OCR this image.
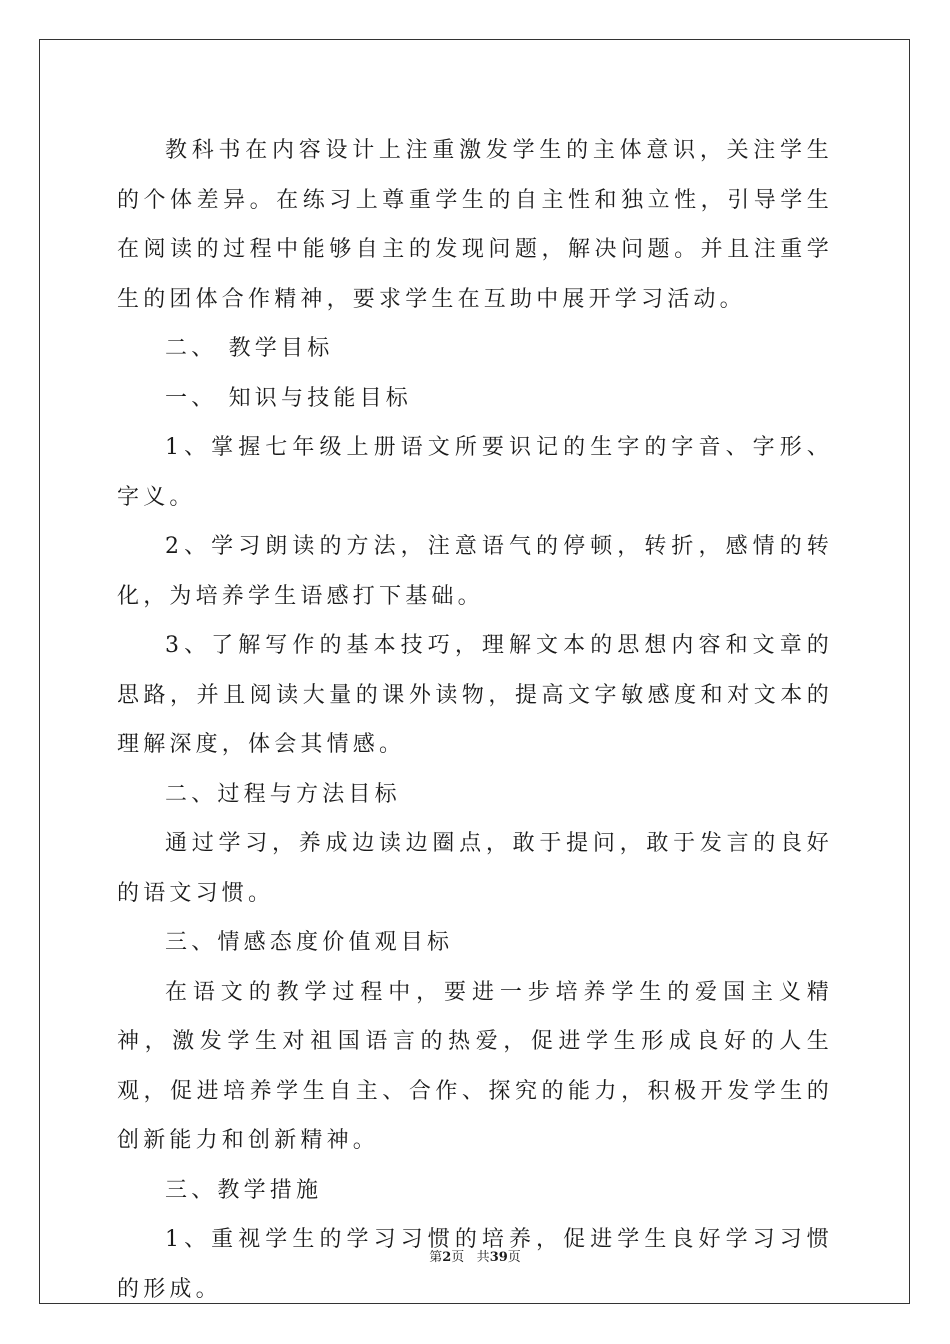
教科书在内容设计上注重激发学生的主体意识，关注学生的个体差异。在练习上尊重学生的自主性和独立性，引导学生在阅读的过程中能够自主的发现问题，解决问题。并且注重学生的团体合作精神，要求学生在互助中展开学习活动。

二、 教学目标

一、 知识与技能目标

1、掌握七年级上册语文所要识记的生字的字音、字形、字义。

2、学习朗读的方法，注意语气的停顿，转折，感情的转化，为培养学生语感打下基础。

3、了解写作的基本技巧，理解文本的思想内容和文章的思路，并且阅读大量的课外读物，提高文字敏感度和对文本的理解深度，体会其情感。

二、过程与方法目标

通过学习，养成边读边圈点，敢于提问，敢于发言的良好的语文习惯。

三、情感态度价值观目标

在语文的教学过程中，要进一步培养学生的爱国主义精神，激发学生对祖国语言的热爱，促进学生形成良好的人生观，促进培养学生自主、合作、探究的能力，积极开发学生的创新能力和创新精神。

三、教学措施

1、重视学生的学习习惯的培养，促进学生良好学习习惯的形成。

第2页 共39页
